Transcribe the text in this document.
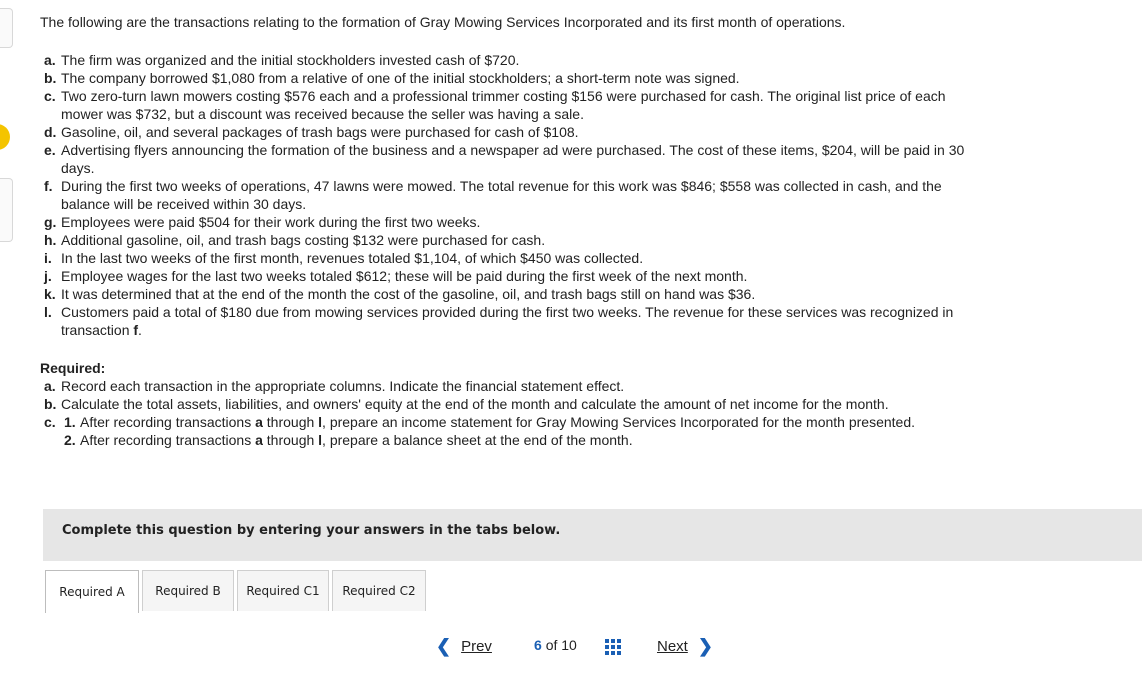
The following are the transactions relating to the formation of Gray Mowing Services Incorporated and its first month of operations.
a. The firm was organized and the initial stockholders invested cash of $720.
b. The company borrowed $1,080 from a relative of one of the initial stockholders; a short-term note was signed.
c. Two zero-turn lawn mowers costing $576 each and a professional trimmer costing $156 were purchased for cash. The original list price of each mower was $732, but a discount was received because the seller was having a sale.
d. Gasoline, oil, and several packages of trash bags were purchased for cash of $108.
e. Advertising flyers announcing the formation of the business and a newspaper ad were purchased. The cost of these items, $204, will be paid in 30 days.
f. During the first two weeks of operations, 47 lawns were mowed. The total revenue for this work was $846; $558 was collected in cash, and the balance will be received within 30 days.
g. Employees were paid $504 for their work during the first two weeks.
h. Additional gasoline, oil, and trash bags costing $132 were purchased for cash.
i. In the last two weeks of the first month, revenues totaled $1,104, of which $450 was collected.
j. Employee wages for the last two weeks totaled $612; these will be paid during the first week of the next month.
k. It was determined that at the end of the month the cost of the gasoline, oil, and trash bags still on hand was $36.
l. Customers paid a total of $180 due from mowing services provided during the first two weeks. The revenue for these services was recognized in transaction f.
Required:
a. Record each transaction in the appropriate columns. Indicate the financial statement effect.
b. Calculate the total assets, liabilities, and owners' equity at the end of the month and calculate the amount of net income for the month.
c. 1. After recording transactions a through l, prepare an income statement for Gray Mowing Services Incorporated for the month presented.
2. After recording transactions a through l, prepare a balance sheet at the end of the month.
Complete this question by entering your answers in the tabs below.
Required A	Required B	Required C1	Required C2
❮ Prev	6 of 10	Next ❯
